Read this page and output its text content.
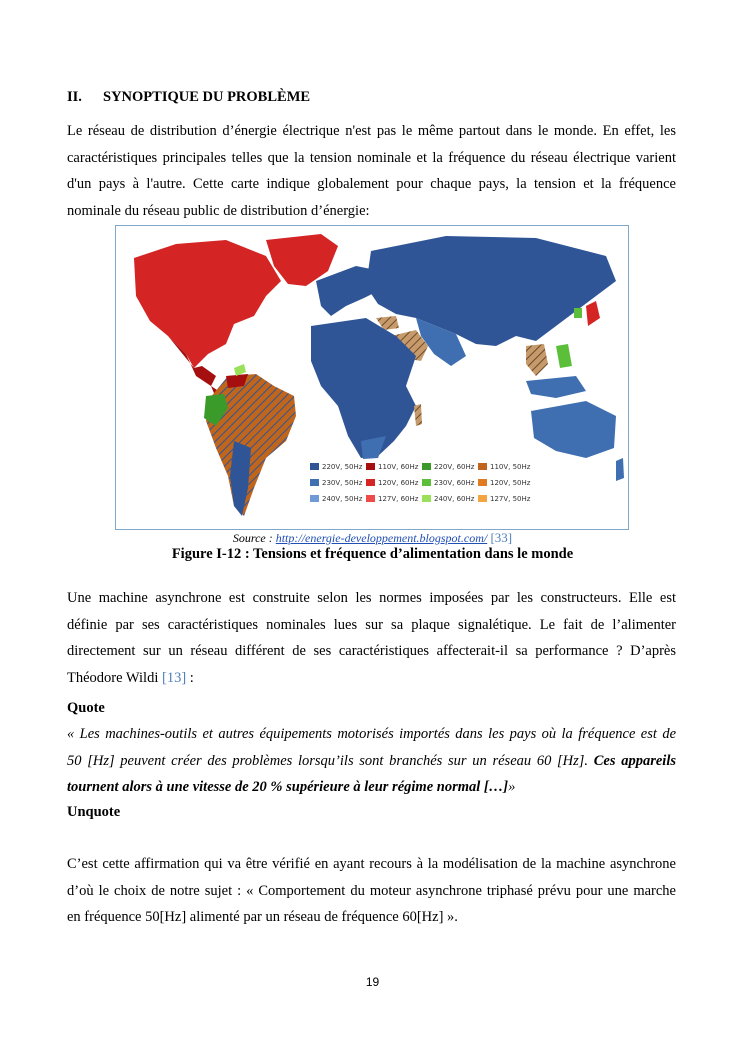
II. SYNOPTIQUE DU PROBLÈME
Le réseau de distribution d’énergie électrique n'est pas le même partout dans le monde. En effet, les
caractéristiques principales telles que la tension nominale et la fréquence du réseau électrique varient
d'un pays à l'autre. Cette carte indique globalement pour chaque pays, la tension et la fréquence
nominale du réseau public de distribution d’énergie:
220V, 50Hz 110V, 60Hz 220V, 60Hz 110V, 50Hz
230V, 50Hz 120V, 60Hz 230V, 60Hz 120V, 50Hz
240V, 50Hz 127V, 60Hz 240V, 60Hz 127V, 50Hz
Source : http://energie-developpement.blogspot.com/ [33]
Figure I-12 : Tensions et fréquence d’alimentation dans le monde
Une machine asynchrone est construite selon les normes imposées par les constructeurs. Elle est
définie par ses caractéristiques nominales lues sur sa plaque signalétique. Le fait de l’alimenter
directement sur un réseau différent de ses caractéristiques affecterait-il sa performance ? D’après
Théodore Wildi [13] :
Quote
« Les machines-outils et autres équipements motorisés importés dans les pays où la fréquence est de
50 [Hz] peuvent créer des problèmes lorsqu’ils sont branchés sur un réseau 60 [Hz]. Ces appareils
tournent alors à une vitesse de 20 % supérieure à leur régime normal […]»
Unquote
C’est cette affirmation qui va être vérifié en ayant recours à la modélisation de la machine asynchrone
d’où le choix de notre sujet : « Comportement du moteur asynchrone triphasé prévu pour une marche
en fréquence 50[Hz] alimenté par un réseau de fréquence 60[Hz] ».
19
